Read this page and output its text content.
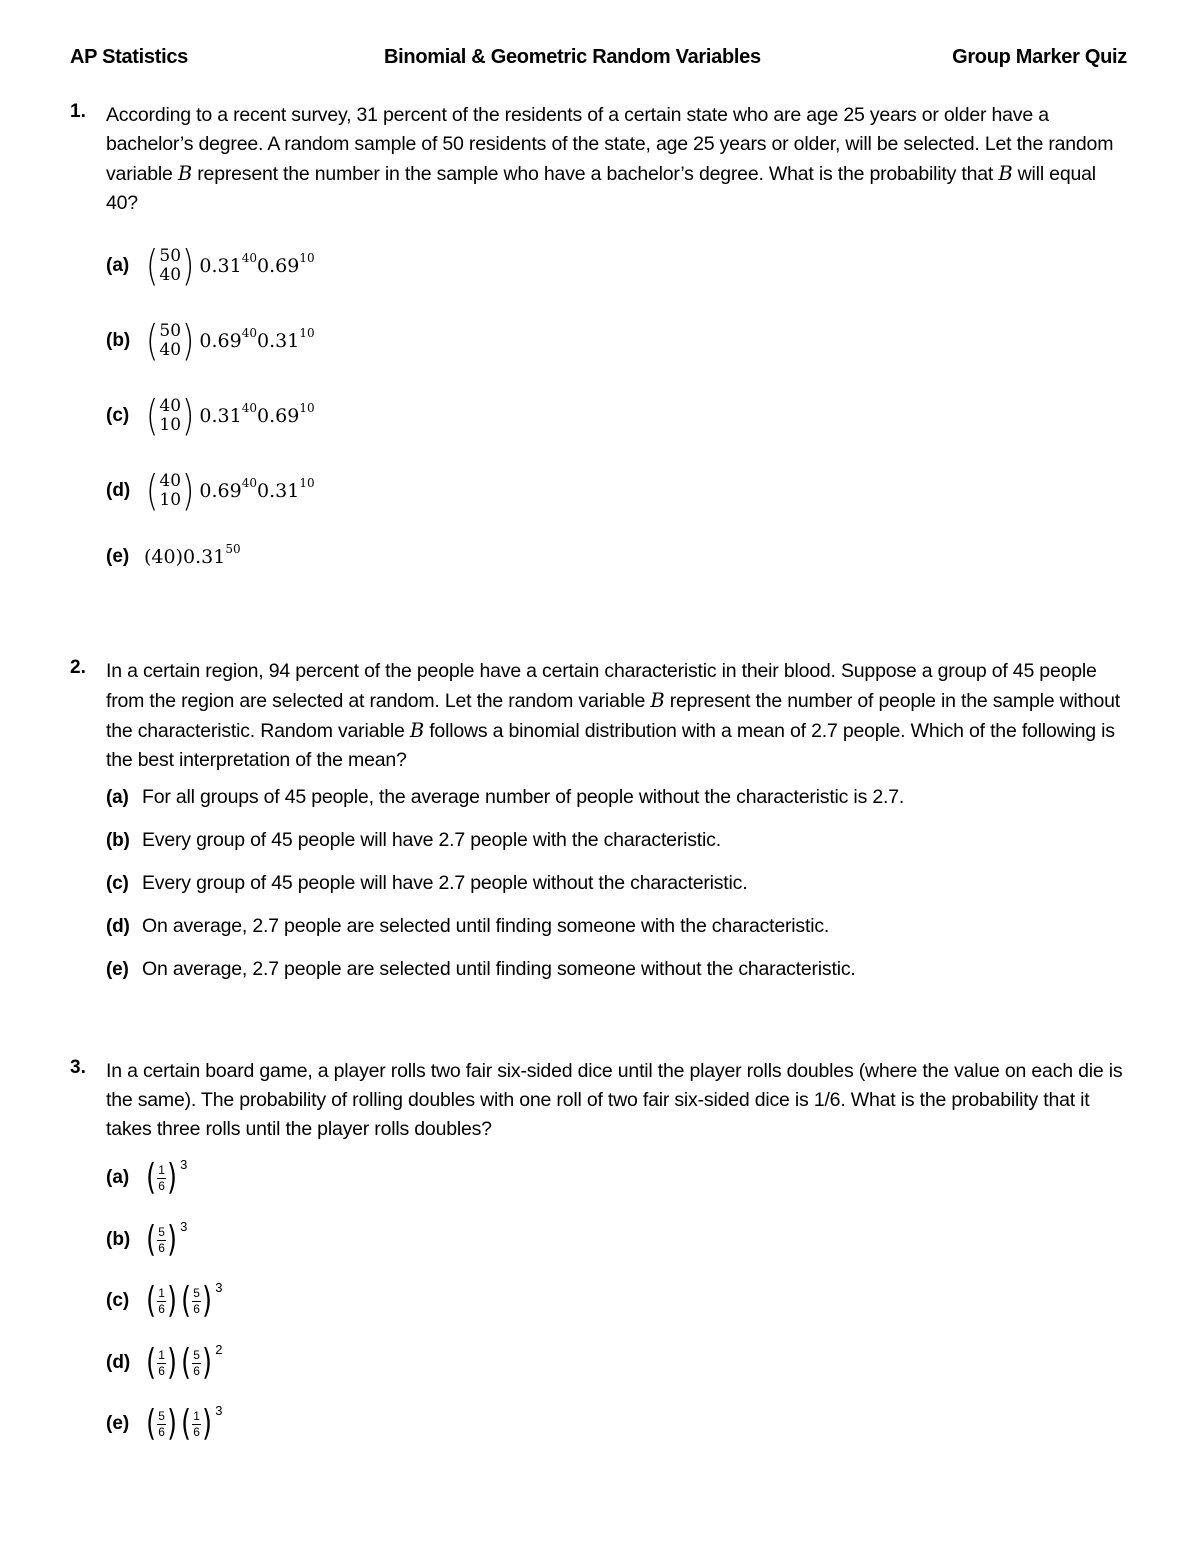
AP Statistics	Binomial & Geometric Random Variables	Group Marker Quiz
1. According to a recent survey, 31 percent of the residents of a certain state who are age 25 years or older have a bachelor’s degree. A random sample of 50 residents of the state, age 25 years or older, will be selected. Let the random variable B represent the number in the sample who have a bachelor’s degree. What is the probability that B will equal 40?
(a) ( 50
40 ) 0.31$^{40}$ 0.69$^{10}$
(b) ( 50
40 ) 0.69$^{40}$ 0.31$^{10}$
(c) ( 40
10 ) 0.31$^{40}$ 0.69$^{10}$
(d) ( 40
10 ) 0.69$^{40}$ 0.31$^{10}$
(e) (40)0.31$^{50}$
2. In a certain region, 94 percent of the people have a certain characteristic in their blood. Suppose a group of 45 people from the region are selected at random. Let the random variable B represent the number of people in the sample without the characteristic. Random variable B follows a binomial distribution with a mean of 2.7 people. Which of the following is the best interpretation of the mean?
(a) For all groups of 45 people, the average number of people without the characteristic is 2.7.
(b) Every group of 45 people will have 2.7 people with the characteristic.
(c) Every group of 45 people will have 2.7 people without the characteristic.
(d) On average, 2.7 people are selected until finding someone with the characteristic.
(e) On average, 2.7 people are selected until finding someone without the characteristic.
3. In a certain board game, a player rolls two fair six-sided dice until the player rolls doubles (where the value on each die is the same). The probability of rolling doubles with one roll of two fair six-sided dice is 1/6. What is the probability that it takes three rolls until the player rolls doubles?
(a) ( $\frac{1}{6}$ ) 3
(b) ( $\frac{5}{6}$ ) 3
(c) ( $\frac{1}{6}$ ) ( $\frac{5}{6}$ ) 3
(d) ( $\frac{1}{6}$ ) ( $\frac{5}{6}$ ) 2
(e) ( $\frac{5}{6}$ ) ( $\frac{1}{6}$ ) 3
